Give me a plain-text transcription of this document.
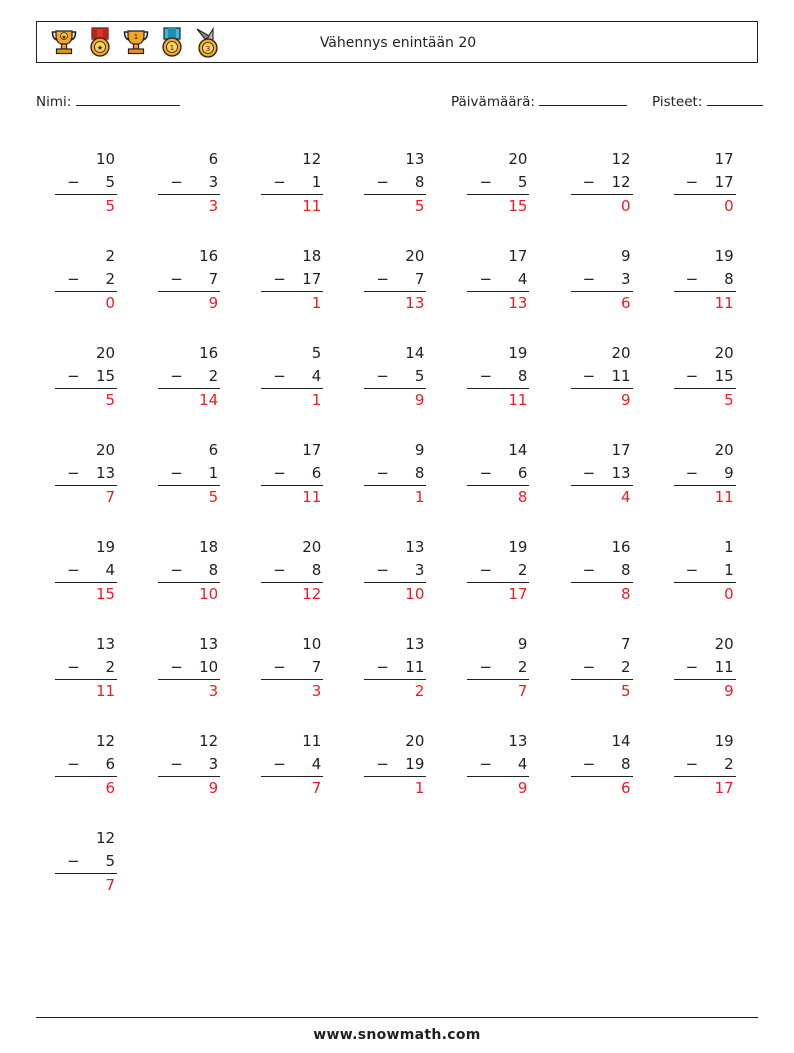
Vähennys enintään 20
★
★
1
1	3
Nimi:	Päivämäärä:	Pisteet:
10
− 5
5
6
− 3
3
12
− 1
11
13
− 8
5
20
− 5
15
12
− 12
0
17
− 17
0
2
− 2
0
16
− 7
9
18
− 17
1
20
− 7
13
17
− 4
13
9
− 3
6
19
− 8
11
20
− 15
5
16
− 2
14
5
− 4
1
14
− 5
9
19
− 8
11
20
− 11
9
20
− 15
5
20
− 13
7
6
− 1
5
17
− 6
11
9
− 8
1
14
− 6
8
17
− 13
4
20
− 9
11
19
− 4
15
18
− 8
10
20
− 8
12
13
− 3
10
19
− 2
17
16
− 8
8
1
− 1
0
13
− 2
11
13
− 10
3
10
− 7
3
13
− 11
2
9
− 2
7
7
− 2
5
20
− 11
9
12
− 6
6
12
− 3
9
11
− 4
7
20
− 19
1
13
− 4
9
14
− 8
6
19
− 2
17
12
− 5
7
www.snowmath.com
